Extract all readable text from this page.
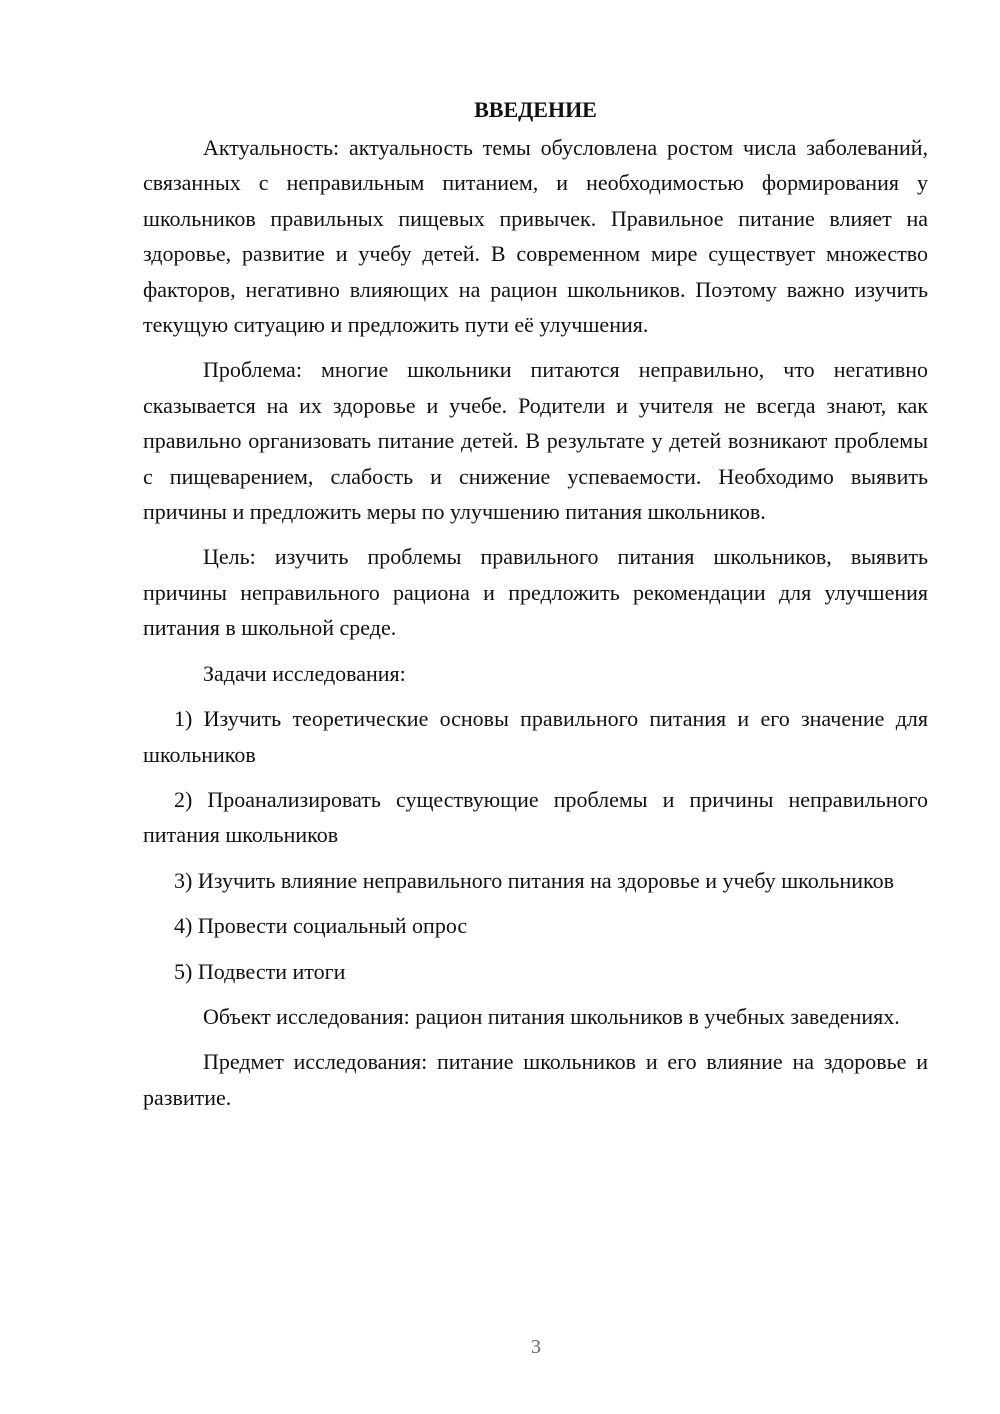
ВВЕДЕНИЕ

Актуальность: актуальность темы обусловлена ростом числа заболеваний, связанных с неправильным питанием, и необходимостью формирования у школьников правильных пищевых привычек. Правильное питание влияет на здоровье, развитие и учебу детей. В современном мире существует множество факторов, негативно влияющих на рацион школьников. Поэтому важно изучить текущую ситуацию и предложить пути её улучшения.

Проблема: многие школьники питаются неправильно, что негативно сказывается на их здоровье и учебе. Родители и учителя не всегда знают, как правильно организовать питание детей. В результате у детей возникают проблемы с пищеварением, слабость и снижение успеваемости. Необходимо выявить причины и предложить меры по улучшению питания школьников.

Цель: изучить проблемы правильного питания школьников, выявить причины неправильного рациона и предложить рекомендации для улучшения питания в школьной среде.

Задачи исследования:

1) Изучить теоретические основы правильного питания и его значение для школьников

2) Проанализировать существующие проблемы и причины неправильного питания школьников

3) Изучить влияние неправильного питания на здоровье и учебу школьников

4) Провести социальный опрос

5) Подвести итоги

Объект исследования: рацион питания школьников в учебных заведениях.

Предмет исследования: питание школьников и его влияние на здоровье и развитие.

3
